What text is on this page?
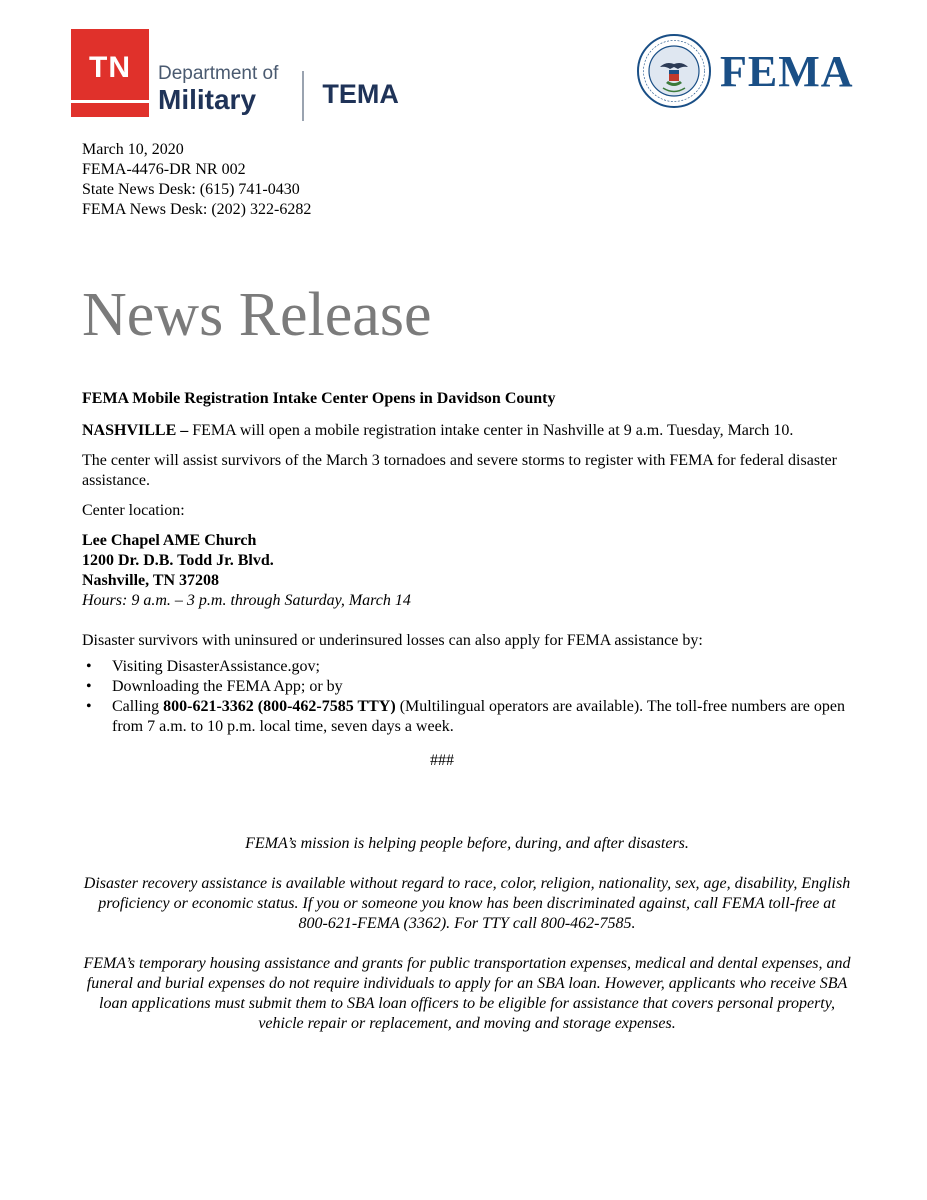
TN	Department of
Military	TEMA	FEMA
March 10, 2020
FEMA-4476-DR NR 002
State News Desk: (615) 741-0430
FEMA News Desk: (202) 322-6282
News Release

FEMA Mobile Registration Intake Center Opens in Davidson County

NASHVILLE – FEMA will open a mobile registration intake center in Nashville at 9 a.m. Tuesday, March 10.

The center will assist survivors of the March 3 tornadoes and severe storms to register with FEMA for federal disaster assistance.

Center location:

Lee Chapel AME Church
1200 Dr. D.B. Todd Jr. Blvd.
Nashville, TN 37208
Hours: 9 a.m. – 3 p.m. through Saturday, March 14

Disaster survivors with uninsured or underinsured losses can also apply for FEMA assistance by:

• Visiting DisasterAssistance.gov;
• Downloading the FEMA App; or by
• Calling 800-621-3362 (800-462-7585 TTY) (Multilingual operators are available). The toll-free numbers are open from 7 a.m. to 10 p.m. local time, seven days a week.

###

FEMA’s mission is helping people before, during, and after disasters.

Disaster recovery assistance is available without regard to race, color, religion, nationality, sex, age, disability, English proficiency or economic status. If you or someone you know has been discriminated against, call FEMA toll-free at 800-621-FEMA (3362). For TTY call 800-462-7585.

FEMA’s temporary housing assistance and grants for public transportation expenses, medical and dental expenses, and funeral and burial expenses do not require individuals to apply for an SBA loan. However, applicants who receive SBA loan applications must submit them to SBA loan officers to be eligible for assistance that covers personal property, vehicle repair or replacement, and moving and storage expenses.
